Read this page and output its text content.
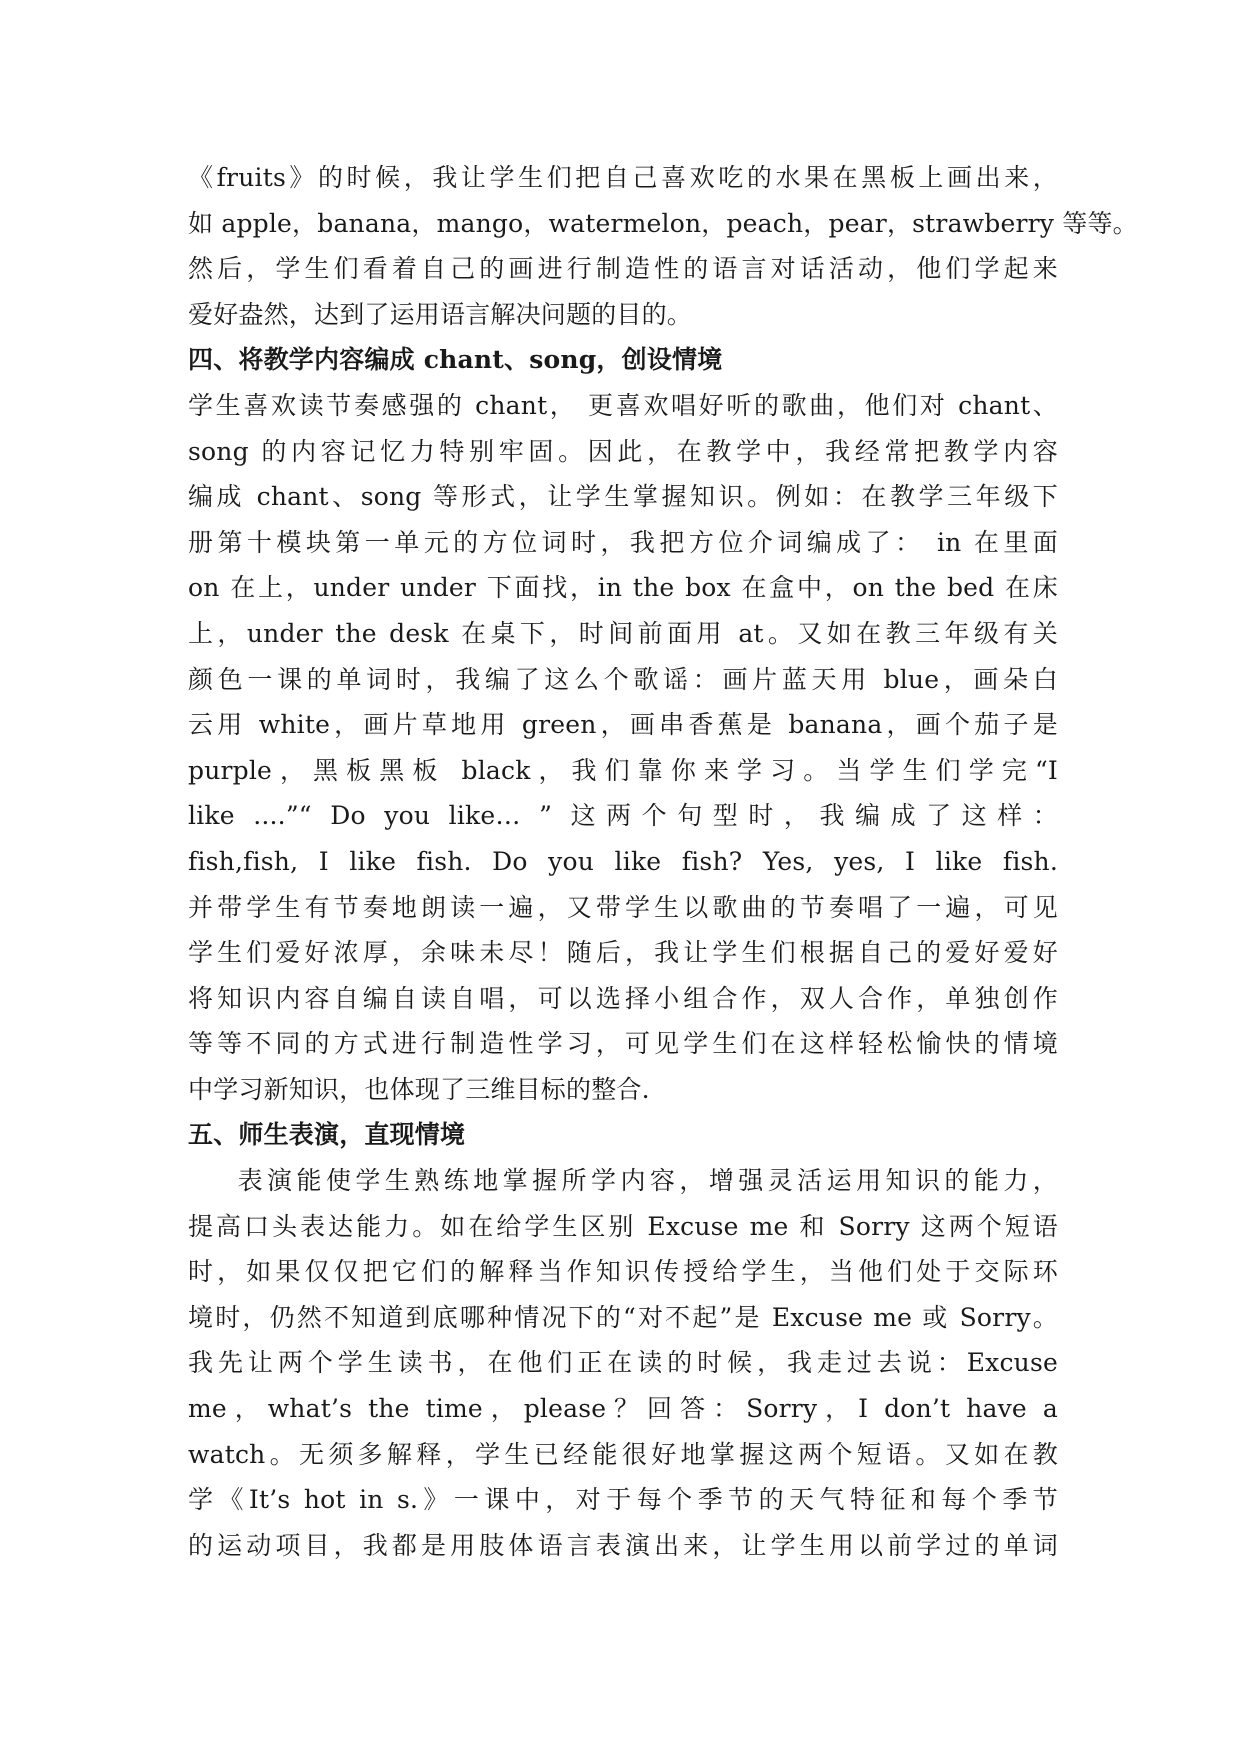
《fruits》的时候，我让学生们把自己喜欢吃的水果在黑板上画出来，
如 apple，banana，mango，watermelon，peach，pear，strawberry 等等。
然后，学生们看着自己的画进行制造性的语言对话活动，他们学起来
爱好盎然，达到了运用语言解决问题的目的。
四、将教学内容编成 chant、song，创设情境
学生喜欢读节奏感强的 chant， 更喜欢唱好听的歌曲，他们对 chant、
song 的内容记忆力特别牢固。因此，在教学中，我经常把教学内容
编成 chant、song 等形式，让学生掌握知识。例如：在教学三年级下
册第十模块第一单元的方位词时，我把方位介词编成了： in 在里面
on 在上，under under 下面找，in the box 在盒中，on the bed 在床
上，under the desk 在桌下，时间前面用 at。又如在教三年级有关
颜色一课的单词时，我编了这么个歌谣：画片蓝天用 blue，画朵白
云用 white，画片草地用 green，画串香蕉是 banana，画个茄子是
purple，黑板黑板 black，我们靠你来学习。当学生们学完“I
like ....”“ Do you like… ” 这两个句型时，我编成了这样：
fish,fish, I like fish. Do you like fish? Yes, yes, I like fish.
并带学生有节奏地朗读一遍，又带学生以歌曲的节奏唱了一遍，可见
学生们爱好浓厚，余味未尽！随后，我让学生们根据自己的爱好爱好
将知识内容自编自读自唱，可以选择小组合作，双人合作，单独创作
等等不同的方式进行制造性学习，可见学生们在这样轻松愉快的情境
中学习新知识，也体现了三维目标的整合.
五、师生表演，直现情境
表演能使学生熟练地掌握所学内容，增强灵活运用知识的能力，
提高口头表达能力。如在给学生区别 Excuse me 和 Sorry 这两个短语
时，如果仅仅把它们的解释当作知识传授给学生，当他们处于交际环
境时，仍然不知道到底哪种情况下的“对不起”是 Excuse me 或 Sorry。
我先让两个学生读书，在他们正在读的时候，我走过去说：Excuse
me，what’s the time，please？回答：Sorry，I don’t have a
watch。无须多解释，学生已经能很好地掌握这两个短语。又如在教
学《It’s hot in s.》一课中，对于每个季节的天气特征和每个季节
的运动项目，我都是用肢体语言表演出来，让学生用以前学过的单词
